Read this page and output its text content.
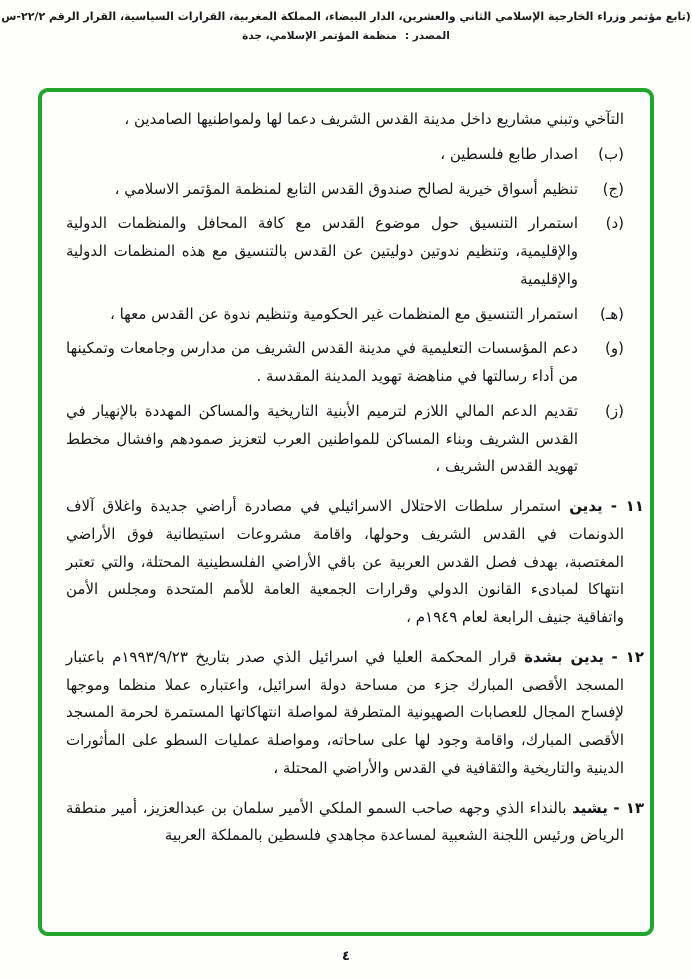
(تابع مؤتمر وزراء الخارجية الإسلامي الثاني والعشرين، الدار البيضاء، المملكة المغربية، القرارات السياسية، القرار الرقم ٢٢/٢-س
المصدر :منظمة المؤتمر الإسلامي، جدة

التآخي وتبني مشاريع داخل مدينة القدس الشريف دعما لها ولمواطنيها الصامدين ،

(ب)
اصدار طابع فلسطين ،
(ج)
تنظيم أسواق خيرية لصالح صندوق القدس التابع لمنظمة المؤتمر الاسلامي ،
(د)
استمرار التنسيق حول موضوع القدس مع كافة المحافل والمنظمات الدولية والإقليمية، وتنظيم ندوتين دوليتين عن القدس بالتنسيق مع هذه المنظمات الدولية والإقليمية
(هـ)
استمرار التنسيق مع المنظمات غير الحكومية وتنظيم ندوة عن القدس معها ،
(و)
دعم المؤسسات التعليمية في مدينة القدس الشريف من مدارس وجامعات وتمكينها من أداء رسالتها في مناهضة تهويد المدينة المقدسة .
(ز)
تقديم الدعم المالي اللازم لترميم الأبنية التاريخية والمساكن المهددة بالإنهيار في القدس الشريف وبناء المساكن للمواطنين العرب لتعزيز صمودهم وافشال مخطط تهويد القدس الشريف ،

١١ - يدين استمرار سلطات الاحتلال الاسرائيلي في مصادرة أراضي جديدة واغلاق آلاف الدونمات في القدس الشريف وحولها، واقامة مشروعات استيطانية فوق الأراضي المغتصبة، بهدف فصل القدس العربية عن باقي الأراضي الفلسطينية المحتلة، والتي تعتبر انتهاكا لمبادىء القانون الدولي وقرارات الجمعية العامة للأمم المتحدة ومجلس الأمن واتفاقية جنيف الرابعة لعام ١٩٤٩م ،

١٢ - يدين بشدة قرار المحكمة العليا في اسرائيل الذي صدر بتاريخ ١٩٩٣/٩/٢٣م باعتبار المسجد الأقصى المبارك جزء من مساحة دولة اسرائيل، واعتباره عملا منظما وموجها لإفساح المجال للعصابات الصهيونية المتطرفة لمواصلة انتهاكاتها المستمرة لحرمة المسجد الأقصى المبارك، واقامة وجود لها على ساحاته، ومواصلة عمليات السطو على المأثورات الدينية والتاريخية والثقافية في القدس والأراضي المحتلة ،

١٣ - يشيد بالنداء الذي وجهه صاحب السمو الملكي الأمير سلمان بن عبدالعزيز، أمير منطقة الرياض ورئيس اللجنة الشعبية لمساعدة مجاهدي فلسطين بالمملكة العربية

٤
